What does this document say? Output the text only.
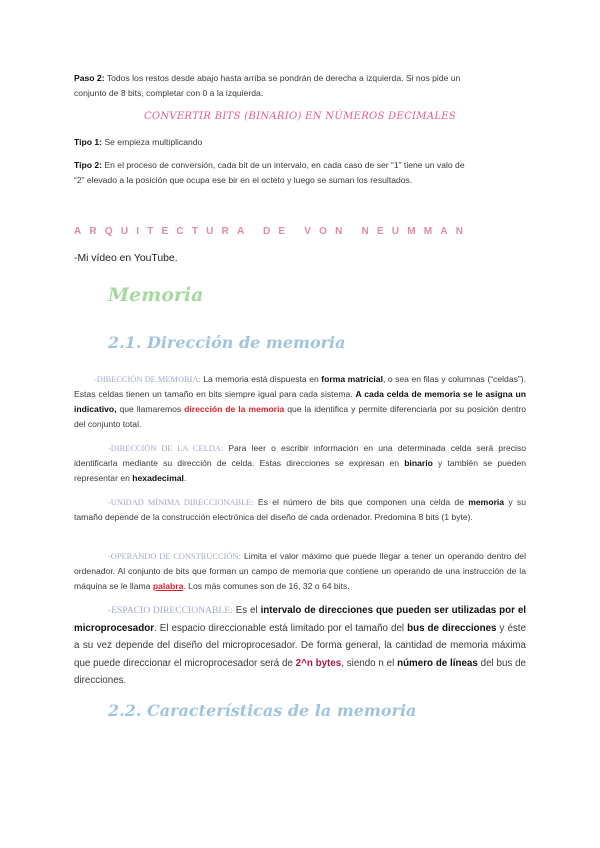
Paso 2: Todos los restos desde abajo hasta arriba se pondrán de derecha a izquierda. Si nos pide un
conjunto de 8 bits, completar con 0 a la izquierda.

CONVERTIR BITS (BINARIO) EN NÚMEROS DECIMALES

Tipo 1: Se empieza multiplicando

Tipo 2: En el proceso de conversión, cada bit de un intervalo, en cada caso de ser “1” tiene un valo de
“2” elevado a la posición que ocupa ese bir en el octeto y luego se suman los resultados.

ARQUITECTURA DE VON NEUMMAN

-Mi vídeo en YouTube.

Memoria
2.1. Dirección de memoria

-DIRECCIÓN DE MEMORIA: La memoria está dispuesta en forma matricial, o sea en filas y columnas (“celdas”). Estas celdas tienen un tamaño en bits siempre igual para cada sistema. A cada celda de memoria se le asigna un indicativo, que llamaremos dirección de la memoria que la identifica y permite diferenciarla por su posición dentro del conjunto total.

-DIRECCIÓN DE LA CELDA: Para leer o escribir información en una determinada celda será preciso identificarla mediante su dirección de celda. Estas direcciones se expresan en binario y también se pueden representar en hexadecimal.

-UNIDAD MÍNIMA DIRECCIONABLE: Es el número de bits que componen una celda de memoria y su tamaño depende de la construcción electrónica del diseño de cada ordenador. Predomina 8 bits (1 byte).

-OPERANDO DE CONSTRUCCIÓN: Limita el valor máximo que puede llegar a tener un operando dentro del ordenador. Al conjunto de bits que forman un campo de memoria que contiene un operando de una instrucción de la máquina se le llama palabra. Los más comunes son de 16, 32 o 64 bits.

-ESPACIO DIRECCIONABLE: Es el intervalo de direcciones que pueden ser utilizadas por el microprocesador. El espacio direccionable está limitado por el tamaño del bus de direcciones y éste a su vez depende del diseño del microprocesador. De forma general, la cantidad de memoria máxima que puede direccionar el microprocesador será de 2^n bytes, siendo n el número de líneas del bus de direcciones.

2.2. Características de la memoria
